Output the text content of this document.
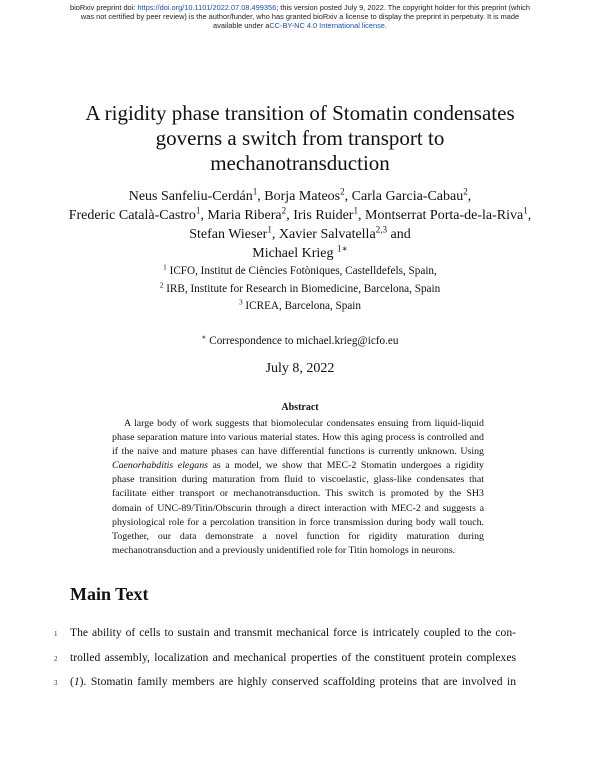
bioRxiv preprint doi: https://doi.org/10.1101/2022.07.08.499356; this version posted July 9, 2022. The copyright holder for this preprint (which
was not certified by peer review) is the author/funder, who has granted bioRxiv a license to display the preprint in perpetuity. It is made
available under aCC-BY-NC 4.0 International license.
A rigidity phase transition of Stomatin condensates
governs a switch from transport to
mechanotransduction
Neus Sanfeliu-Cerdán$^1$, Borja Mateos$^2$, Carla Garcia-Cabau$^2$,
Frederic Català-Castro$^1$, Maria Ribera$^2$, Iris Ruider$^1$, Montserrat Porta-de-la-Riva$^1$,
Stefan Wieser$^1$, Xavier Salvatella$^{2,3}$ and
Michael Krieg $^{1∗}$
$^1$ ICFO, Institut de Ciències Fotòniques, Castelldefels, Spain,
$^2$ IRB, Institute for Research in Biomedicine, Barcelona, Spain
$^3$ ICREA, Barcelona, Spain
∗ Correspondence to michael.krieg@icfo.eu
July 8, 2022
Abstract
A large body of work suggests that biomolecular condensates ensuing from liquid-liquid phase separation mature into various material states. How this aging process is controlled and if the naive and mature phases can have differential functions is currently unknown. Using Caenorhabditis elegans as a model, we show that MEC-2 Stomatin undergoes a rigidity phase transition during maturation from fluid to viscoelastic, glass-like condensates that facilitate either transport or mechanotransduction. This switch is promoted by the SH3 domain of UNC-89/Titin/Obscurin through a direct interaction with MEC-2 and suggests a physiological role for a percolation transition in force transmission during body wall touch. Together, our data demonstrate a novel function for rigidity maturation during mechanotransduction and a previously unidentified role for Titin homologs in neurons.
Main Text
1 The ability of cells to sustain and transmit mechanical force is intricately coupled to the con-
2 trolled assembly, localization and mechanical properties of the constituent protein complexes
3 (1). Stomatin family members are highly conserved scaffolding proteins that are involved in
